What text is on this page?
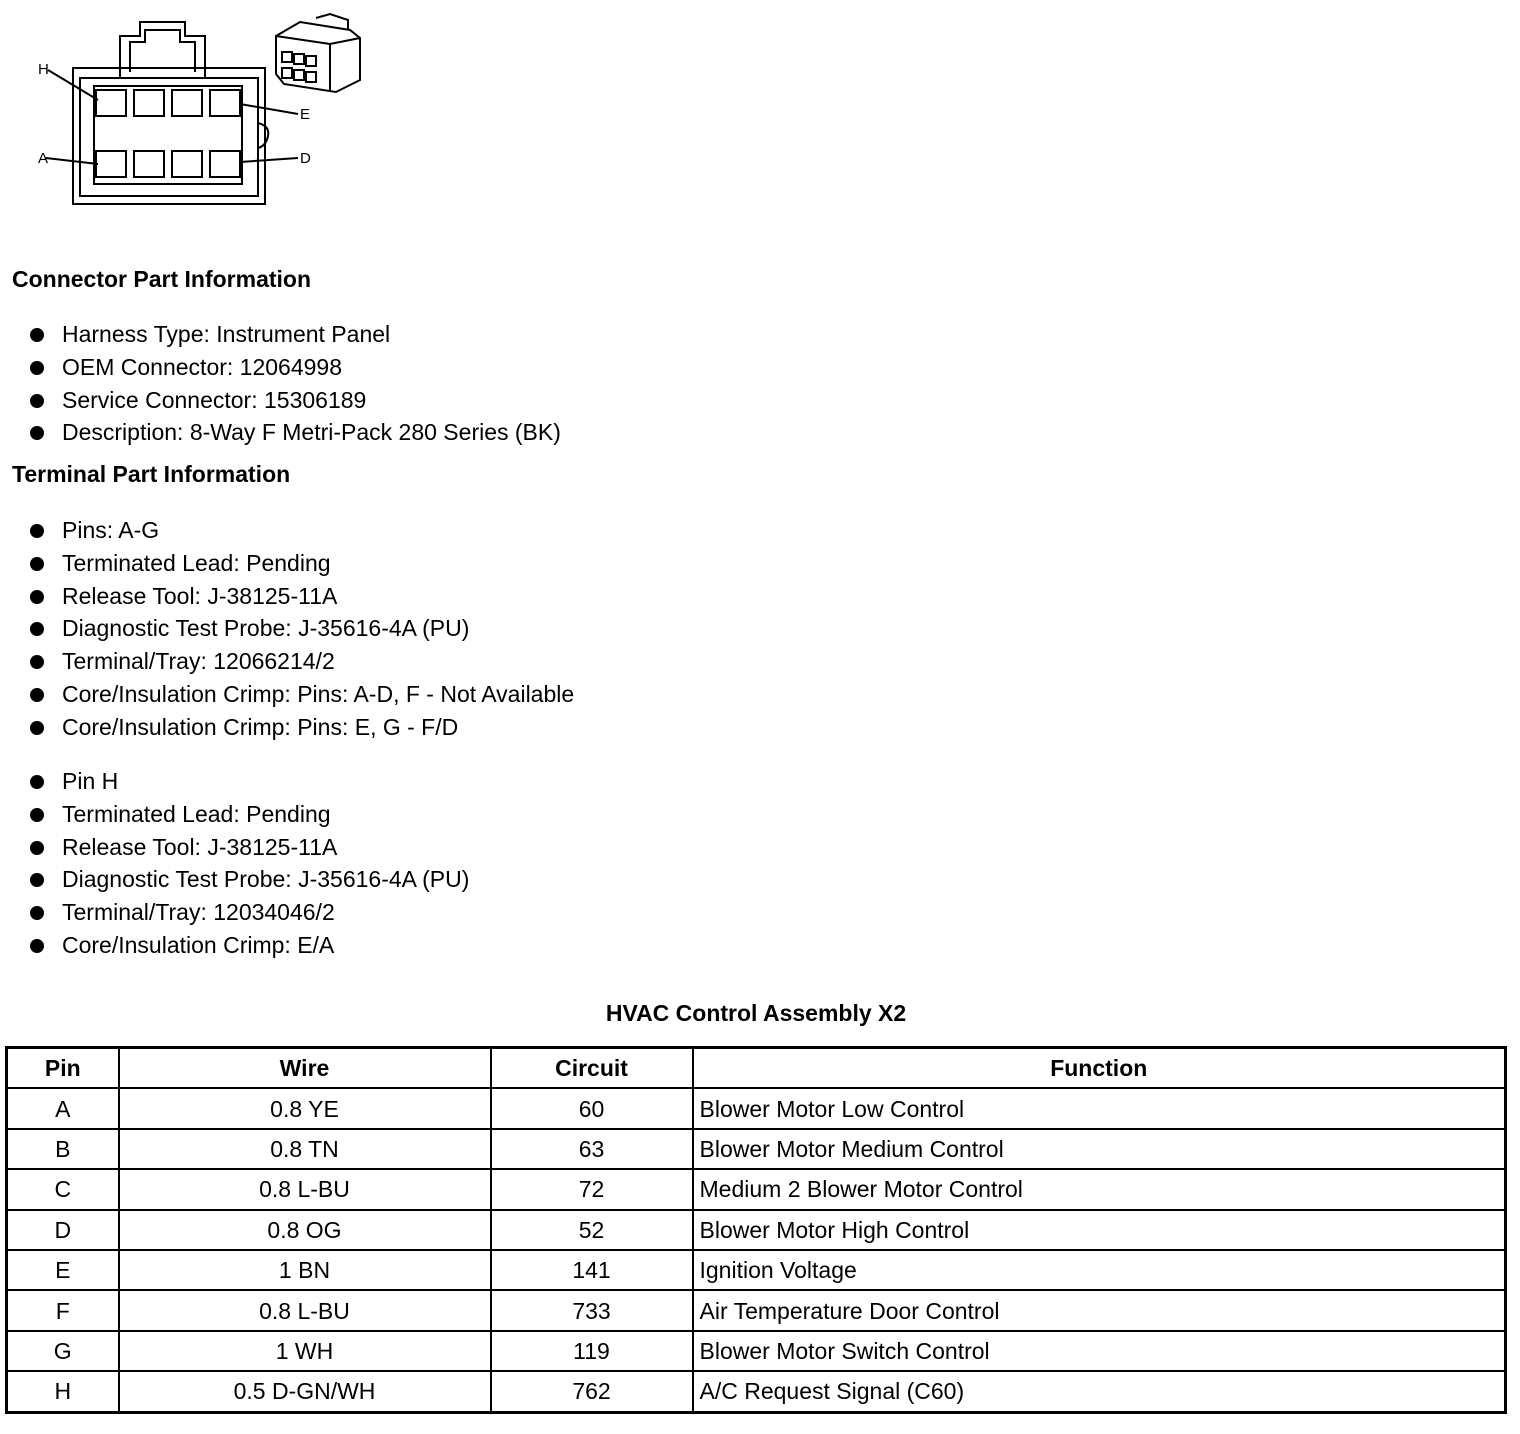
H
E
A	D
Connector Part Information
Harness Type: Instrument Panel
OEM Connector: 12064998
Service Connector: 15306189
Description: 8-Way F Metri-Pack 280 Series (BK)
Terminal Part Information
Pins: A-G
Terminated Lead: Pending
Release Tool: J-38125-11A
Diagnostic Test Probe: J-35616-4A (PU)
Terminal/Tray: 12066214/2
Core/Insulation Crimp: Pins: A-D, F - Not Available
Core/Insulation Crimp: Pins: E, G - F/D
Pin H
Terminated Lead: Pending
Release Tool: J-38125-11A
Diagnostic Test Probe: J-35616-4A (PU)
Terminal/Tray: 12034046/2
Core/Insulation Crimp: E/A
HVAC Control Assembly X2
Pin	Wire	Circuit	Function
A	0.8 YE	60	Blower Motor Low Control
B	0.8 TN	63	Blower Motor Medium Control
C	0.8 L-BU	72	Medium 2 Blower Motor Control
D	0.8 OG	52	Blower Motor High Control
E	1 BN	141	Ignition Voltage
F	0.8 L-BU	733	Air Temperature Door Control
G	1 WH	119	Blower Motor Switch Control
H	0.5 D-GN/WH	762	A/C Request Signal (C60)
